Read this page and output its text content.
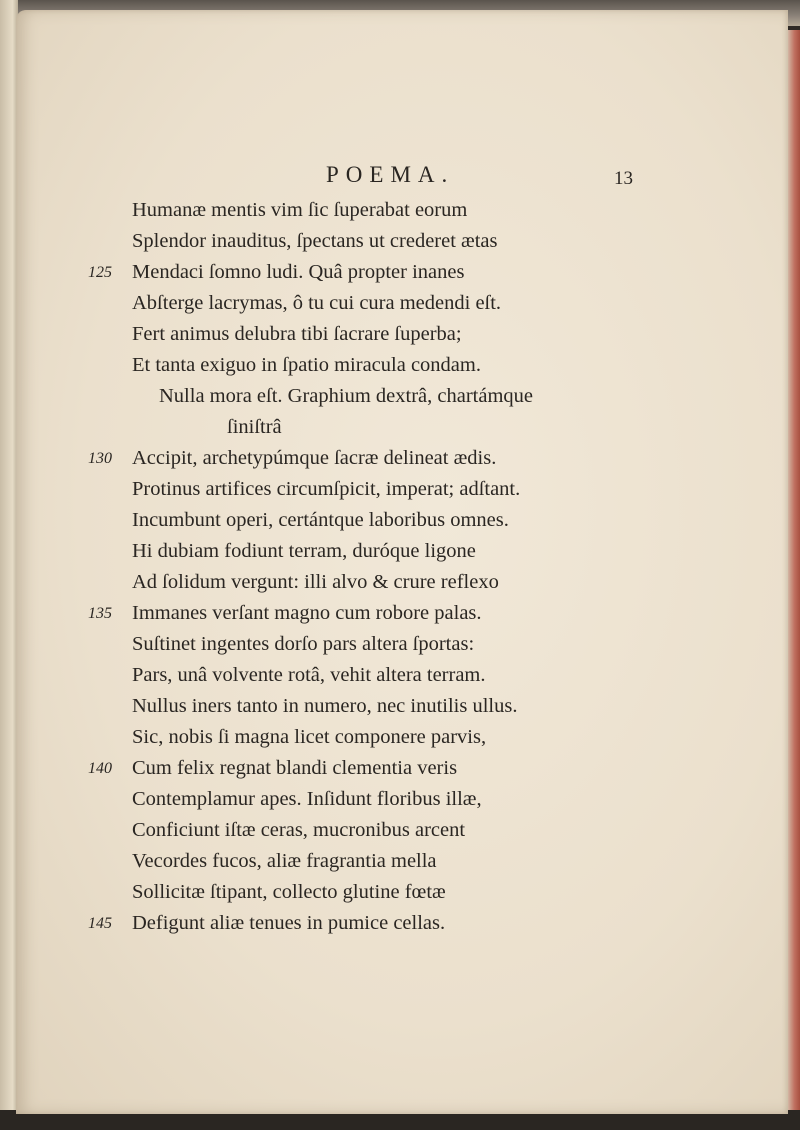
POEMA.	13
Humanæ mentis vim ſic ſuperabat eorum
Splendor inauditus, ſpectans ut crederet ætas
125 Mendaci ſomno ludi. Quâ propter inanes
Abſterge lacrymas, ô tu cui cura medendi eſt.
Fert animus delubra tibi ſacrare ſuperba;
Et tanta exiguo in ſpatio miracula condam.
Nulla mora eſt. Graphium dextrâ, chartámque
ſiniſtrâ
130 Accipit, archetypúmque ſacræ delineat ædis.
Protinus artifices circumſpicit, imperat; adſtant.
Incumbunt operi, certántque laboribus omnes.
Hi dubiam fodiunt terram, duróque ligone
Ad ſolidum vergunt: illi alvo & crure reflexo
135 Immanes verſant magno cum robore palas.
Suſtinet ingentes dorſo pars altera ſportas:
Pars, unâ volvente rotâ, vehit altera terram.
Nullus iners tanto in numero, nec inutilis ullus.
Sic, nobis ſi magna licet componere parvis,
140 Cum felix regnat blandi clementia veris
Contemplamur apes. Inſidunt floribus illæ,
Conficiunt iſtæ ceras, mucronibus arcent
Vecordes fucos, aliæ fragrantia mella
Sollicitæ ſtipant, collecto glutine fœtæ
145 Defigunt aliæ tenues in pumice cellas.
